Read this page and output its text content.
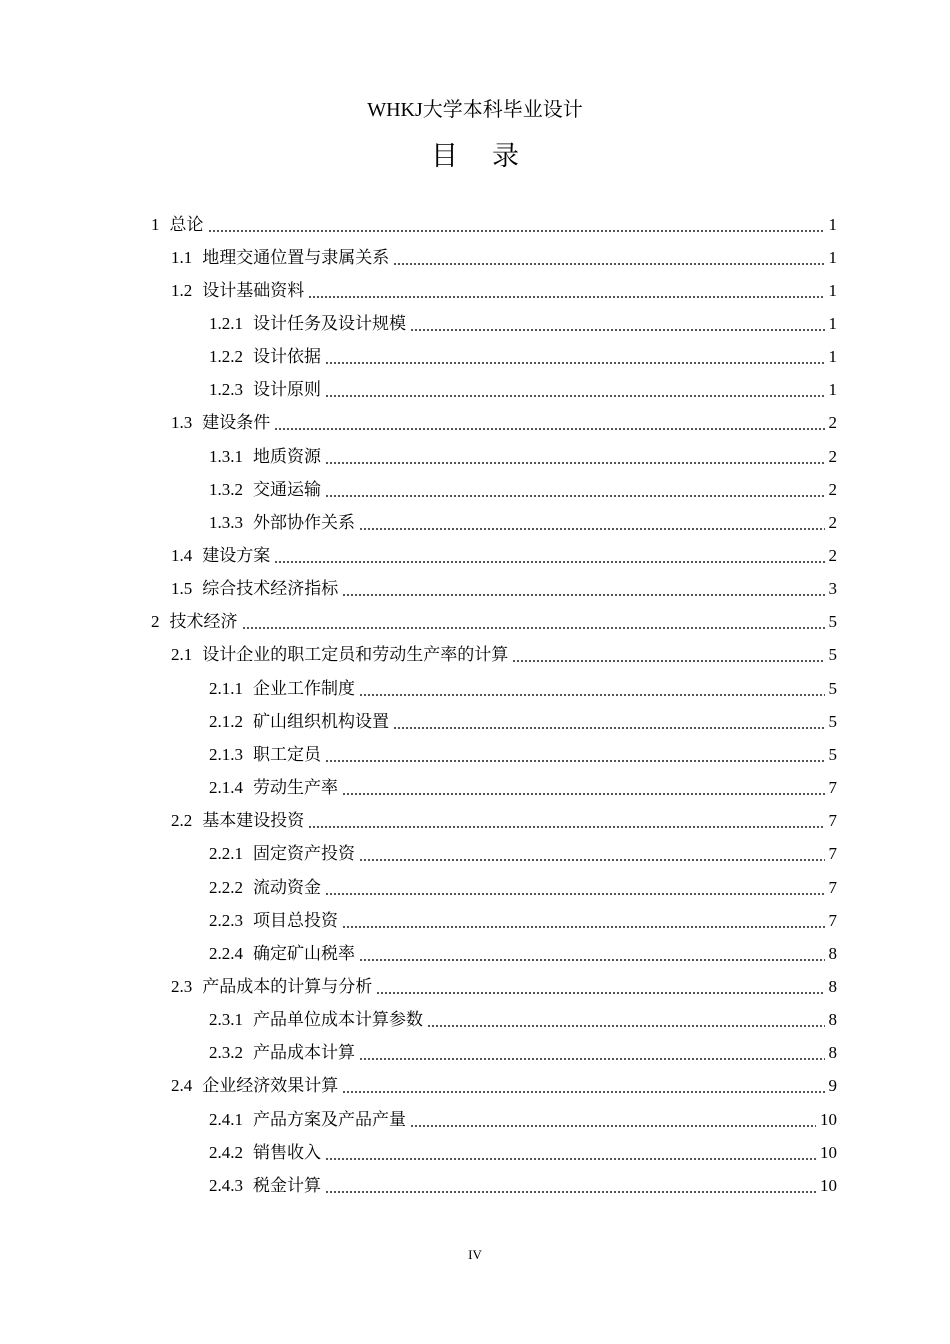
WHKJ大学本科毕业设计
目录
1 总论	1
1.1 地理交通位置与隶属关系	1
1.2 设计基础资料	1
1.2.1 设计任务及设计规模	1
1.2.2 设计依据	1
1.2.3 设计原则	1
1.3 建设条件	2
1.3.1 地质资源	2
1.3.2 交通运输	2
1.3.3 外部协作关系	2
1.4 建设方案	2
1.5 综合技术经济指标	3
2 技术经济	5
2.1 设计企业的职工定员和劳动生产率的计算	5
2.1.1 企业工作制度	5
2.1.2 矿山组织机构设置	5
2.1.3 职工定员	5
2.1.4 劳动生产率	7
2.2 基本建设投资	7
2.2.1 固定资产投资	7
2.2.2 流动资金	7
2.2.3 项目总投资	7
2.2.4 确定矿山税率	8
2.3 产品成本的计算与分析	8
2.3.1 产品单位成本计算参数	8
2.3.2 产品成本计算	8
2.4 企业经济效果计算	9
2.4.1 产品方案及产品产量	10
2.4.2 销售收入	10
2.4.3 税金计算	10
IV
